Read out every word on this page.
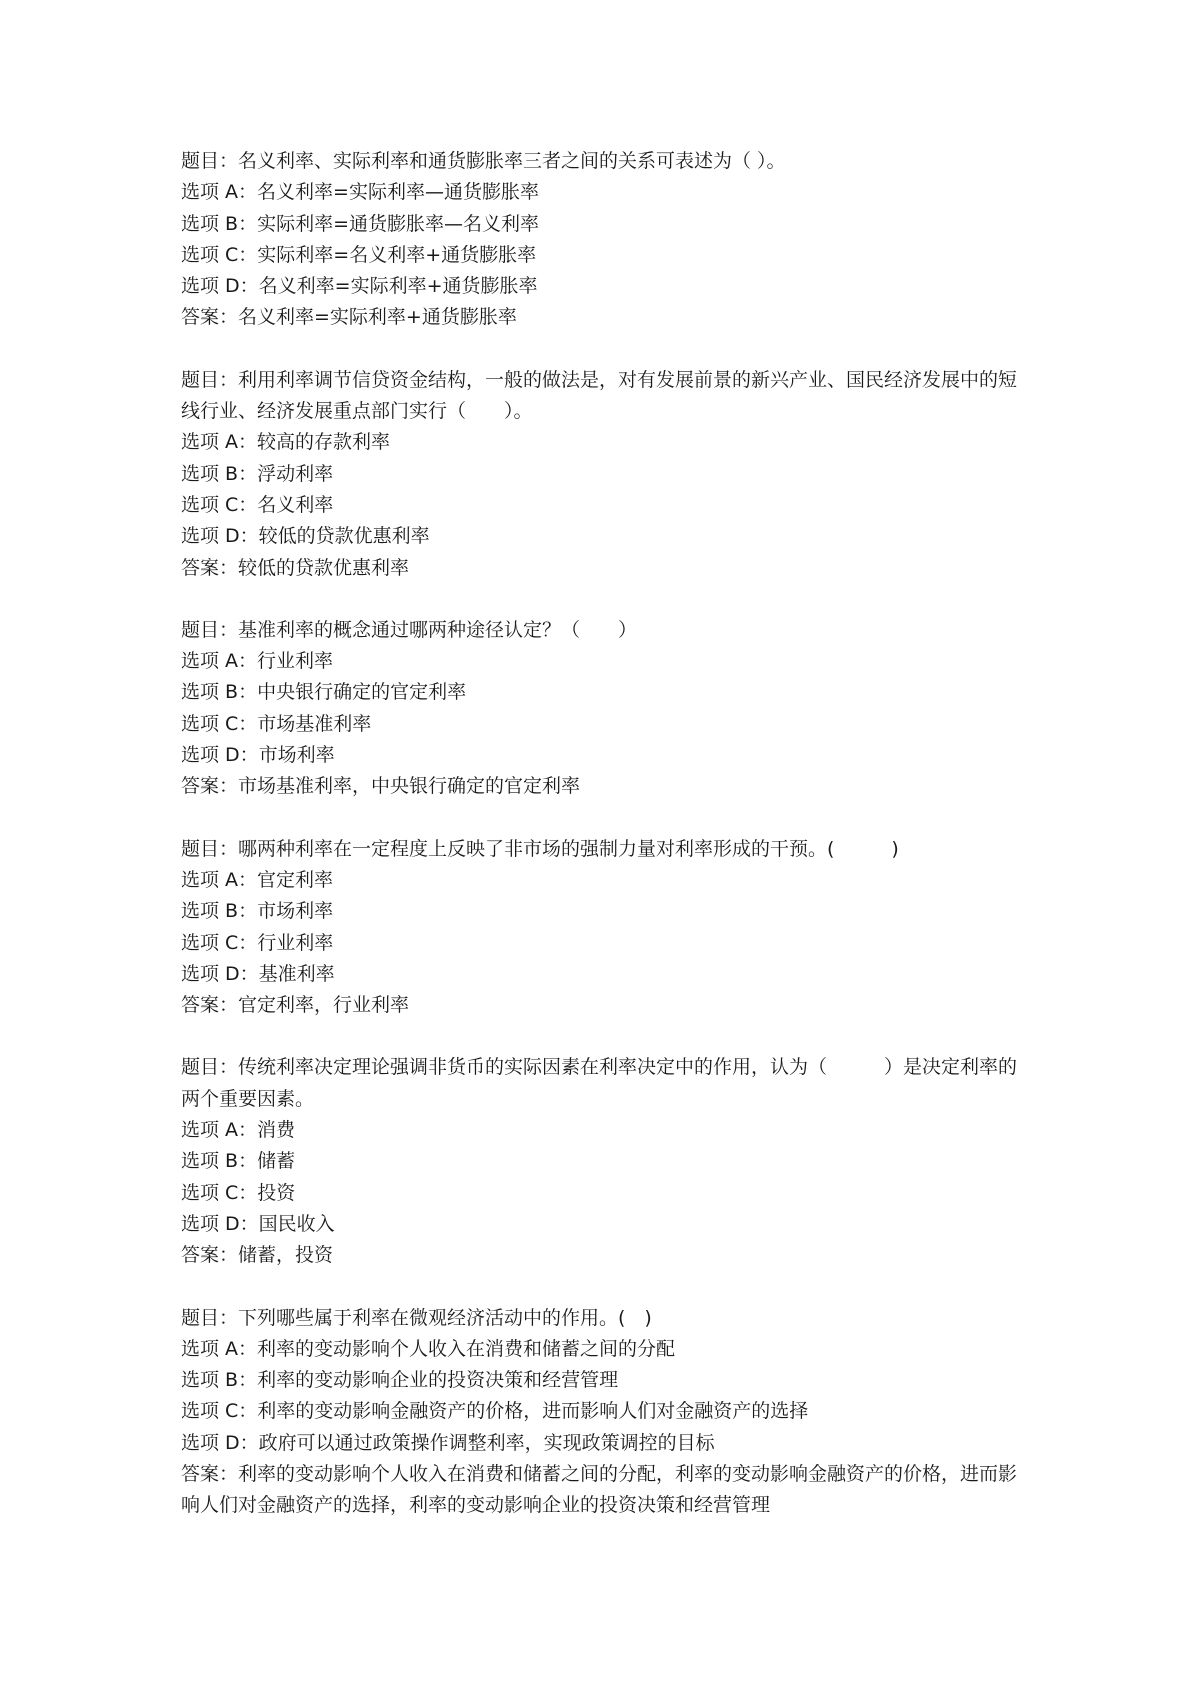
题目：名义利率、实际利率和通货膨胀率三者之间的关系可表述为（ ）。
选项 A：名义利率=实际利率—通货膨胀率
选项 B：实际利率=通货膨胀率—名义利率
选项 C：实际利率=名义利率+通货膨胀率
选项 D：名义利率=实际利率+通货膨胀率
答案：名义利率=实际利率+通货膨胀率
题目：利用利率调节信贷资金结构，一般的做法是，对有发展前景的新兴产业、国民经济发展中的短线行业、经济发展重点部门实行（　　）。
选项 A：较高的存款利率
选项 B：浮动利率
选项 C：名义利率
选项 D：较低的贷款优惠利率
答案：较低的贷款优惠利率
题目：基准利率的概念通过哪两种途径认定？（　　）
选项 A：行业利率
选项 B：中央银行确定的官定利率
选项 C：市场基准利率
选项 D：市场利率
答案：市场基准利率，中央银行确定的官定利率
题目：哪两种利率在一定程度上反映了非市场的强制力量对利率形成的干预。(　　　)
选项 A：官定利率
选项 B：市场利率
选项 C：行业利率
选项 D：基准利率
答案：官定利率，行业利率
题目：传统利率决定理论强调非货币的实际因素在利率决定中的作用，认为（　　　）是决定利率的两个重要因素。
选项 A：消费
选项 B：储蓄
选项 C：投资
选项 D：国民收入
答案：储蓄，投资
题目：下列哪些属于利率在微观经济活动中的作用。(　)
选项 A：利率的变动影响个人收入在消费和储蓄之间的分配
选项 B：利率的变动影响企业的投资决策和经营管理
选项 C：利率的变动影响金融资产的价格，进而影响人们对金融资产的选择
选项 D：政府可以通过政策操作调整利率，实现政策调控的目标
答案：利率的变动影响个人收入在消费和储蓄之间的分配，利率的变动影响金融资产的价格，进而影响人们对金融资产的选择，利率的变动影响企业的投资决策和经营管理
